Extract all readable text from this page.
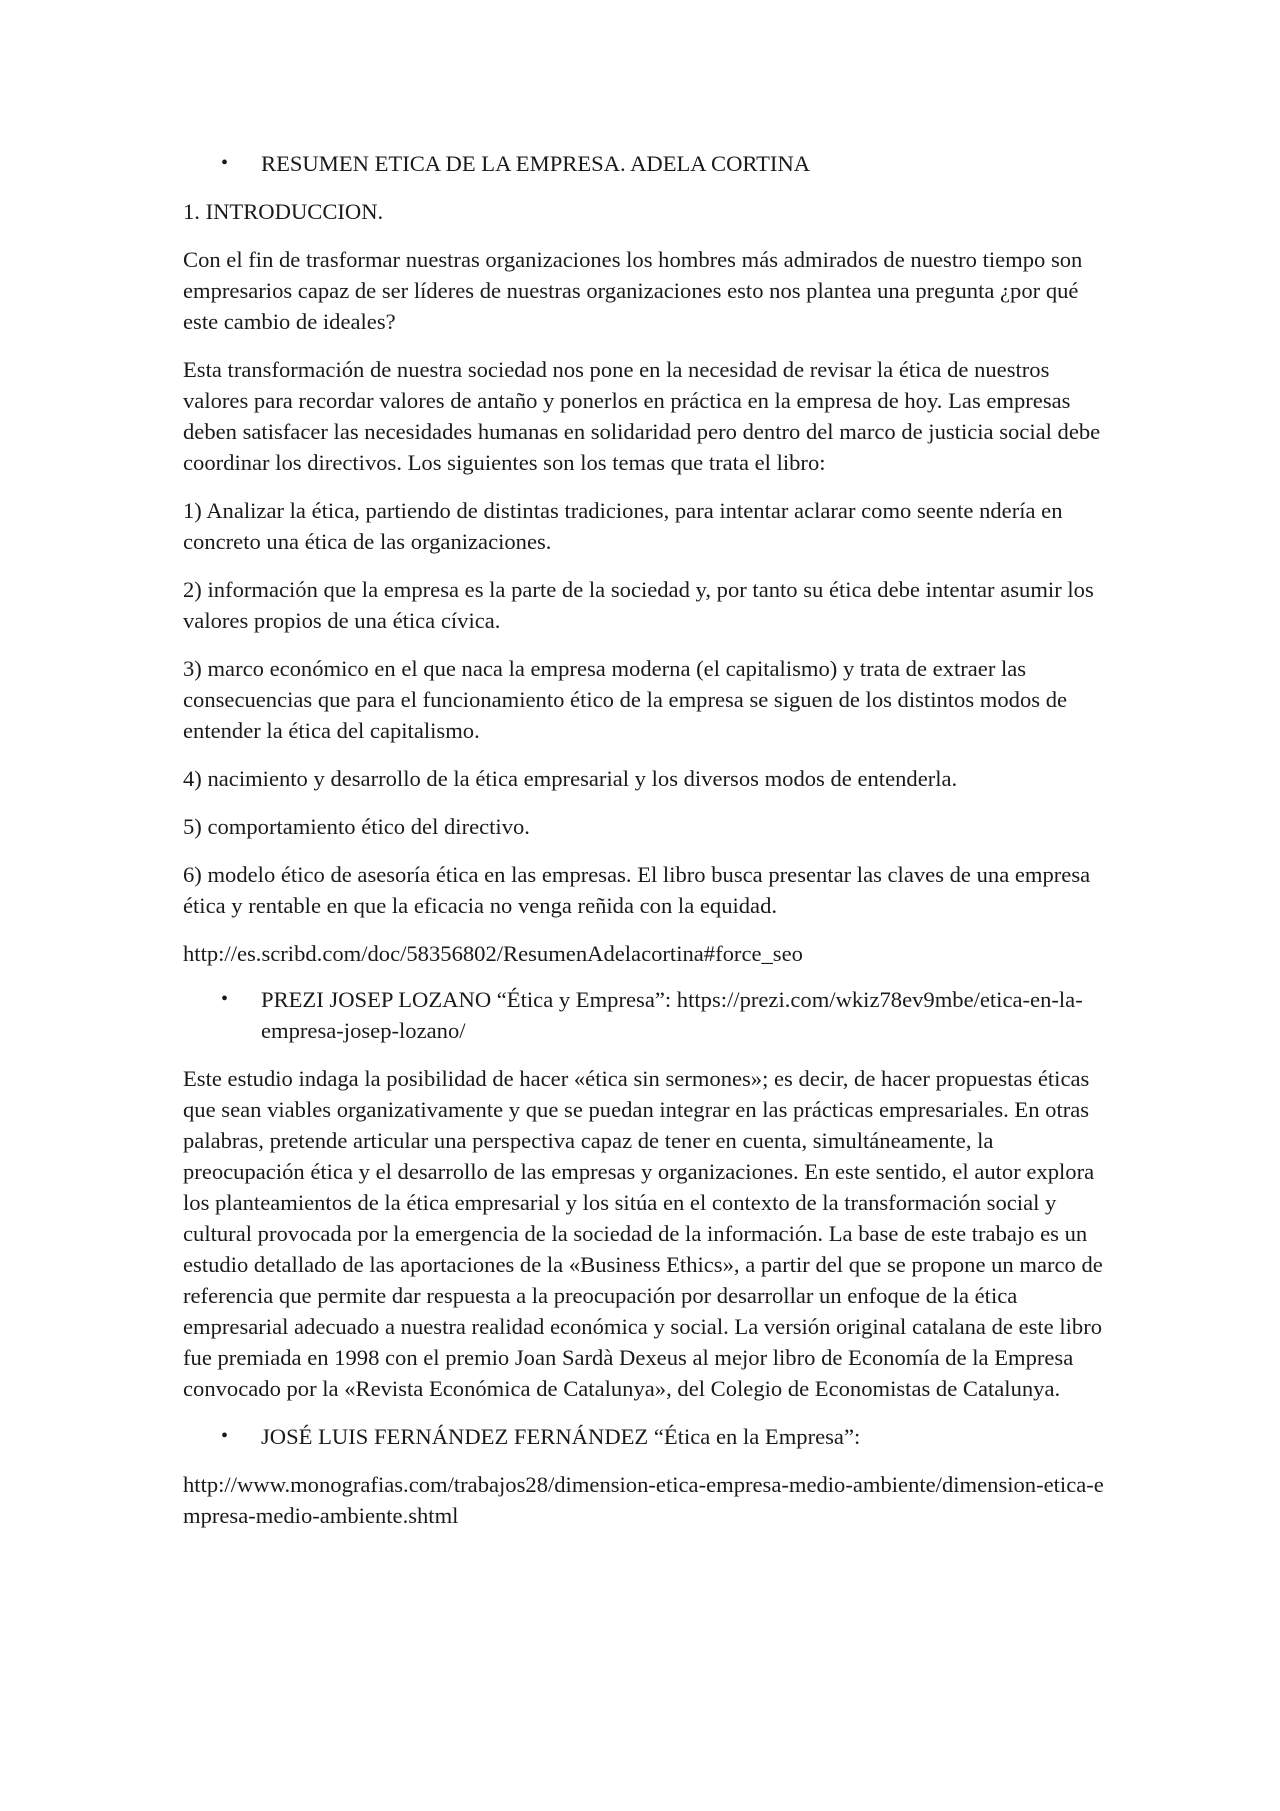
• RESUMEN ETICA DE LA EMPRESA. ADELA CORTINA
1. INTRODUCCION.
Con el fin de trasformar nuestras organizaciones los hombres más admirados de nuestro tiempo son empresarios capaz de ser líderes de nuestras organizaciones esto nos plantea una pregunta ¿por qué este cambio de ideales?
Esta transformación de nuestra sociedad nos pone en la necesidad de revisar la ética de nuestros valores para recordar valores de antaño y ponerlos en práctica en la empresa de hoy. Las empresas deben satisfacer las necesidades humanas en solidaridad pero dentro del marco de justicia social debe coordinar los directivos. Los siguientes son los temas que trata el libro:
1) Analizar la ética, partiendo de distintas tradiciones, para intentar aclarar como seente ndería en concreto una ética de las organizaciones.
2) información que la empresa es la parte de la sociedad y, por tanto su ética debe intentar asumir los valores propios de una ética cívica.
3) marco económico en el que naca la empresa moderna (el capitalismo) y trata de extraer las consecuencias que para el funcionamiento ético de la empresa se siguen de los distintos modos de entender la ética del capitalismo.
4) nacimiento y desarrollo de la ética empresarial y los diversos modos de entenderla.
5) comportamiento ético del directivo.
6) modelo ético de asesoría ética en las empresas. El libro busca presentar las claves de una empresa ética y rentable en que la eficacia no venga reñida con la equidad.
http://es.scribd.com/doc/58356802/ResumenAdelacortina#force_seo
• PREZI JOSEP LOZANO “Ética y Empresa”: https://prezi.com/wkiz78ev9mbe/etica-en-la-empresa-josep-lozano/
Este estudio indaga la posibilidad de hacer «ética sin sermones»; es decir, de hacer propuestas éticas que sean viables organizativamente y que se puedan integrar en las prácticas empresariales. En otras palabras, pretende articular una perspectiva capaz de tener en cuenta, simultáneamente, la preocupación ética y el desarrollo de las empresas y organizaciones. En este sentido, el autor explora los planteamientos de la ética empresarial y los sitúa en el contexto de la transformación social y cultural provocada por la emergencia de la sociedad de la información. La base de este trabajo es un estudio detallado de las aportaciones de la «Business Ethics», a partir del que se propone un marco de referencia que permite dar respuesta a la preocupación por desarrollar un enfoque de la ética empresarial adecuado a nuestra realidad económica y social. La versión original catalana de este libro fue premiada en 1998 con el premio Joan Sardà Dexeus al mejor libro de Economía de la Empresa convocado por la «Revista Económica de Catalunya», del Colegio de Economistas de Catalunya.
• JOSÉ LUIS FERNÁNDEZ FERNÁNDEZ “Ética en la Empresa”:
http://www.monografias.com/trabajos28/dimension-etica-empresa-medio-ambiente/dimension-etica-empresa-medio-ambiente.shtml
